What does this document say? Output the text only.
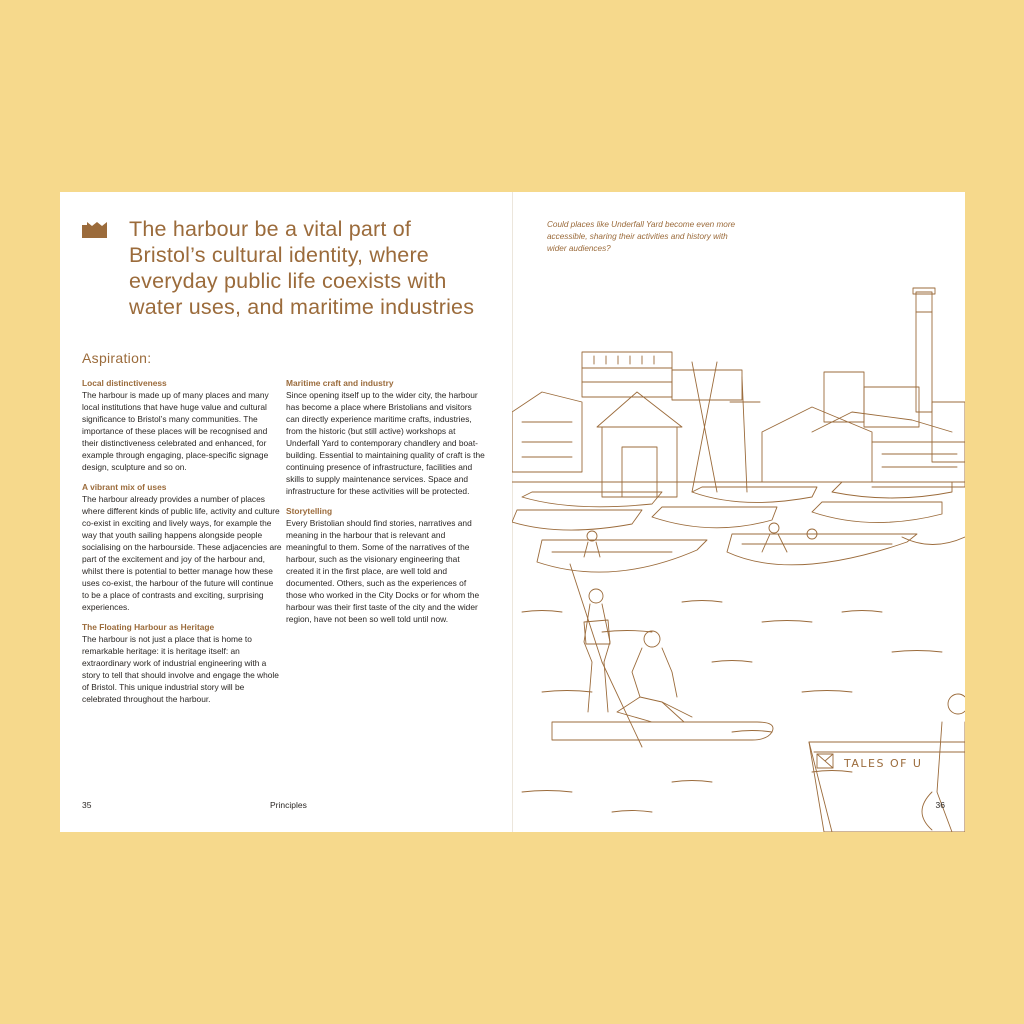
The harbour be a vital part of Bristol’s cultural identity, where everyday public life coexists with water uses, and maritime industries
Aspiration:

Local distinctiveness

The harbour is made up of many places and many local institutions that have huge value and cultural significance to Bristol’s many communities. The importance of these places will be recognised and their distinctiveness celebrated and enhanced, for example through engaging, place-specific signage design, sculpture and so on.

A vibrant mix of uses

The harbour already provides a number of places where different kinds of public life, activity and culture co-exist in exciting and lively ways, for example the way that youth sailing happens alongside people socialising on the harbourside. These adjacencies are part of the excitement and joy of the harbour and, whilst there is potential to better manage how these uses co-exist, the harbour of the future will continue to be a place of contrasts and exciting, surprising experiences.

The Floating Harbour as Heritage

The harbour is not just a place that is home to remarkable heritage: it is heritage itself: an extraordinary work of industrial engineering with a story to tell that should involve and engage the whole of Bristol. This unique industrial story will be celebrated throughout the harbour.

Maritime craft and industry

Since opening itself up to the wider city, the harbour has become a place where Bristolians and visitors can directly experience maritime crafts, industries, from the historic (but still active) workshops at Underfall Yard to contemporary chandlery and boat-building. Essential to maintaining quality of craft is the continuing presence of infrastructure, facilities and skills to supply maintenance services. Space and infrastructure for these activities will be protected.

Storytelling

Every Bristolian should find stories, narratives and meaning in the harbour that is relevant and meaningful to them. Some of the narratives of the harbour, such as the visionary engineering that created it in the first place, are well told and documented. Others, such as the experiences of those who worked in the City Docks or for whom the harbour was their first taste of the city and the wider region, have not been so well told until now.

35	Principles
TALES OF U

Could places like Underfall Yard become even more accessible, sharing their activities and history with wider audiences?

36
